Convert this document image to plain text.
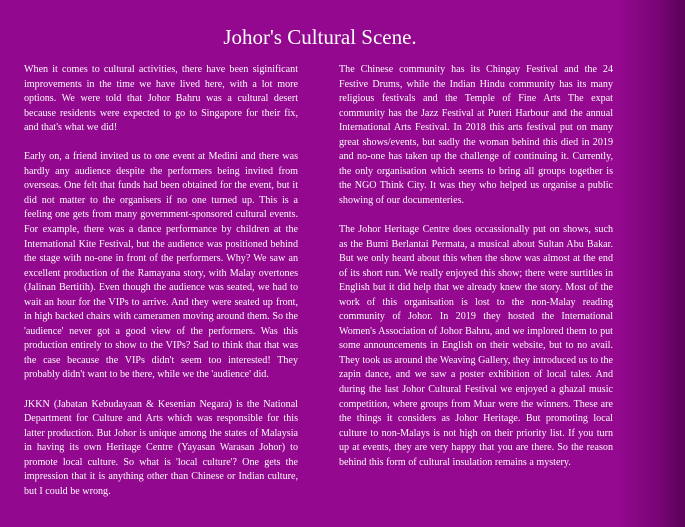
Johor's Cultural Scene.

When it comes to cultural activities, there have been siginificant improvements in the time we have lived here, with a lot more options. We were told that Johor Bahru was a cultural desert because residents were expected to go to Singapore for their fix, and that's what we did!

Early on, a friend invited us to one event at Medini and there was hardly any audience despite the performers being invited from overseas. One felt that funds had been obtained for the event, but it did not matter to the organisers if no one turned up. This is a feeling one gets from many government-sponsored cultural events. For example, there was a dance performance by children at the International Kite Festival, but the audience was positioned behind the stage with no-one in front of the performers. Why? We saw an excellent production of the Ramayana story, with Malay overtones (Jalinan Bertitih). Even though the audience was seated, we had to wait an hour for the VIPs to arrive. And they were seated up front, in high backed chairs with cameramen moving around them. So the 'audience' never got a good view of the performers. Was this production entirely to show to the VIPs? Sad to think that that was the case because the VIPs didn't seem too interested! They probably didn't want to be there, while we the 'audience' did.

JKKN (Jabatan Kebudayaan & Kesenian Negara) is the National Department for Culture and Arts which was responsible for this latter production. But Johor is unique among the states of Malaysia in having its own Heritage Centre (Yayasan Warasan Johor) to promote local culture. So what is 'local culture'? One gets the impression that it is anything other than Chinese or Indian culture, but I could be wrong.

The Chinese community has its Chingay Festival and the 24 Festive Drums, while the Indian Hindu community has its many religious festivals and the Temple of Fine Arts The expat community has the Jazz Festival at Puteri Harbour and the annual International Arts Festival. In 2018 this arts festival put on many great shows/events, but sadly the woman behind this died in 2019 and no-one has taken up the challenge of continuing it. Currently, the only organisation which seems to bring all groups together is the NGO Think City. It was they who helped us organise a public showing of our documenteries.

The Johor Heritage Centre does occassionally put on shows, such as the Bumi Berlantai Permata, a musical about Sultan Abu Bakar. But we only heard about this when the show was almost at the end of its short run. We really enjoyed this show; there were surtitles in English but it did help that we already knew the story. Most of the work of this organisation is lost to the non-Malay reading community of Johor. In 2019 they hosted the International Women's Association of Johor Bahru, and we implored them to put some announcements in English on their website, but to no avail. They took us around the Weaving Gallery, they introduced us to the zapin dance, and we saw a poster exhibition of local tales. And during the last Johor Cultural Festival we enjoyed a ghazal music competition, where groups from Muar were the winners. These are the things it considers as Johor Heritage. But promoting local culture to non-Malays is not high on their priority list. If you turn up at events, they are very happy that you are there. So the reason behind this form of cultural insulation remains a mystery.
